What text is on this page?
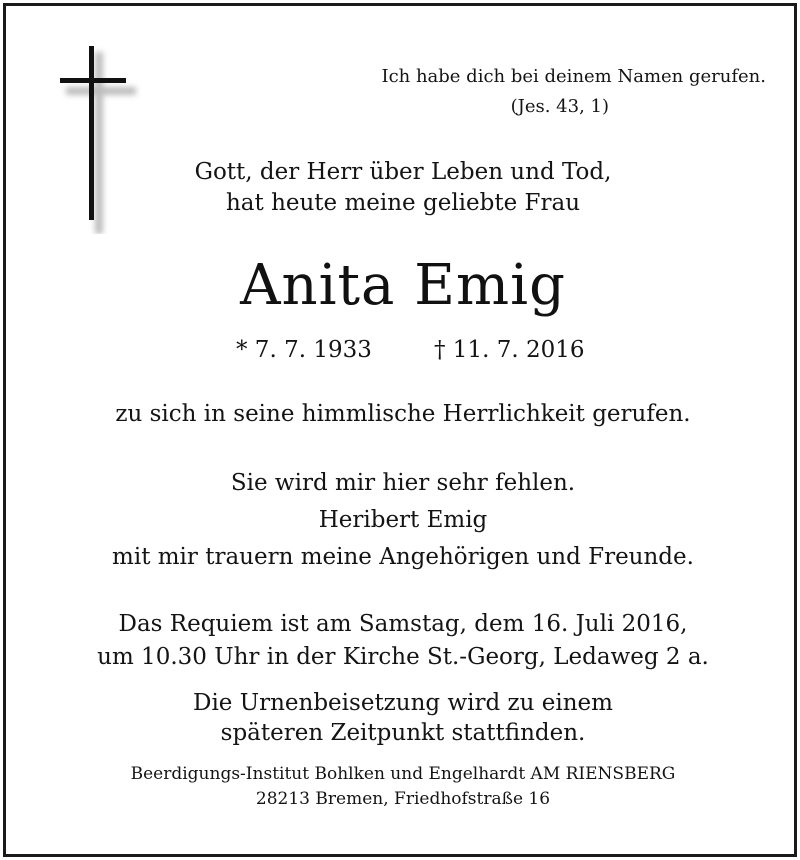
Ich habe dich bei deinem Namen gerufen.
(Jes. 43, 1)
Gott, der Herr über Leben und Tod,
hat heute meine geliebte Frau
Anita Emig
* 7. 7. 1933	† 11. 7. 2016
zu sich in seine himmlische Herrlichkeit gerufen.
Sie wird mir hier sehr fehlen.
Heribert Emig
mit mir trauern meine Angehörigen und Freunde.
Das Requiem ist am Samstag, dem 16. Juli 2016,
um 10.30 Uhr in der Kirche St.-Georg, Ledaweg 2 a.
Die Urnenbeisetzung wird zu einem
späteren Zeitpunkt stattfinden.
Beerdigungs-Institut Bohlken und Engelhardt AM RIENSBERG
28213 Bremen, Friedhofstraße 16
